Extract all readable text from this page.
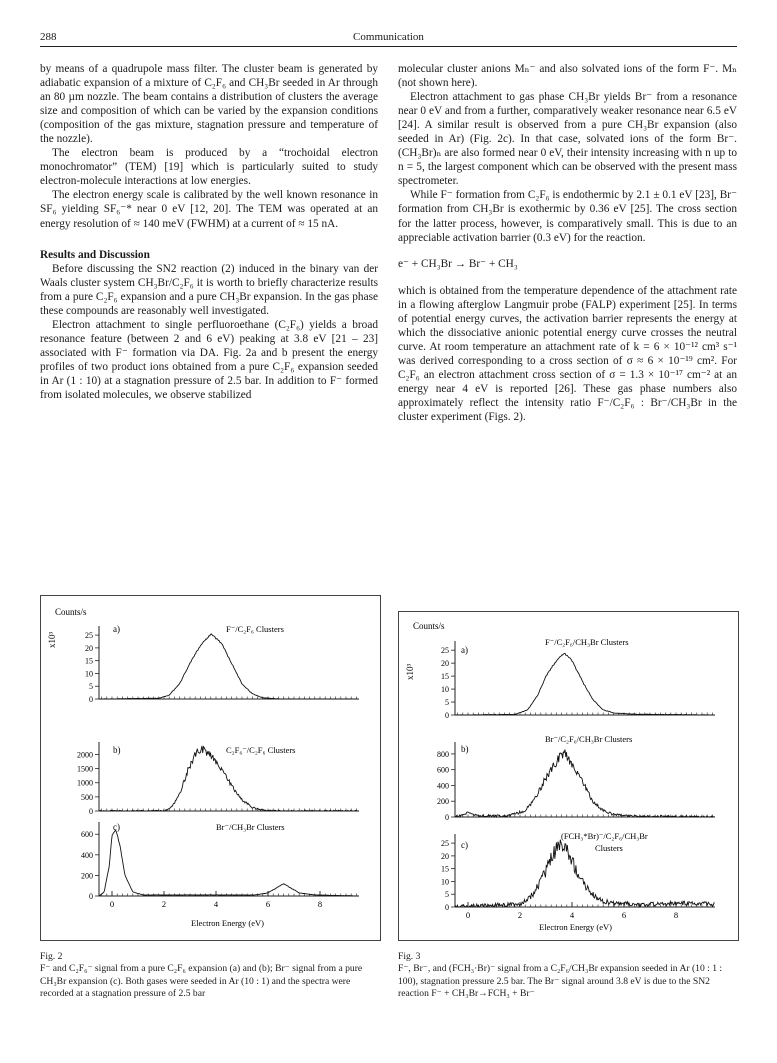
288	Communication

by means of a quadrupole mass filter. The cluster beam is generated by adiabatic expansion of a mixture of C₂F₆ and CH₃Br seeded in Ar through an 80 µm nozzle. The beam contains a distribution of clusters the average size and composition of which can be varied by the expansion conditions (composition of the gas mixture, stagnation pressure and temperature of the nozzle).

The electron beam is produced by a “trochoidal electron monochromator” (TEM) [19] which is particularly suited to study electron-molecule interactions at low energies.

The electron energy scale is calibrated by the well known resonance in SF₆ yielding SF₆⁻* near 0 eV [12, 20]. The TEM was operated at an energy resolution of ≈ 140 meV (FWHM) at a current of ≈ 15 nA.

Results and Discussion

Before discussing the SN2 reaction (2) induced in the binary van der Waals cluster system CH₃Br/C₂F₆ it is worth to briefly characterize results from a pure C₂F₆ expansion and a pure CH₃Br expansion. In the gas phase these compounds are reasonably well investigated.

Electron attachment to single perfluoroethane (C₂F₆) yields a broad resonance feature (between 2 and 6 eV) peaking at 3.8 eV [21 – 23] associated with F⁻ formation via DA. Fig. 2a and b present the energy profiles of two product ions obtained from a pure C₂F₆ expansion seeded in Ar (1 : 10) at a stagnation pressure of 2.5 bar. In addition to F⁻ formed from isolated molecules, we observe stabilized

molecular cluster anions Mₙ⁻ and also solvated ions of the form F⁻. Mₙ (not shown here).

Electron attachment to gas phase CH₃Br yields Br⁻ from a resonance near 0 eV and from a further, comparatively weaker resonance near 6.5 eV [24]. A similar result is observed from a pure CH₃Br expansion (also seeded in Ar) (Fig. 2c). In that case, solvated ions of the form Br⁻. (CH₃Br)ₙ are also formed near 0 eV, their intensity increasing with n up to n = 5, the largest component which can be observed with the present mass spectrometer.

While F⁻ formation from C₂F₆ is endothermic by 2.1 ± 0.1 eV [23], Br⁻ formation from CH₃Br is exothermic by 0.36 eV [25]. The cross section for the latter process, however, is comparatively small. This is due to an appreciable activation barrier (0.3 eV) for the reaction.

e⁻ + CH₃Br → Br⁻ + CH₃

which is obtained from the temperature dependence of the attachment rate in a flowing afterglow Langmuir probe (FALP) experiment [25]. In terms of potential energy curves, the activation barrier represents the energy at which the dissociative anionic potential energy curve crosses the neutral curve. At room temperature an attachment rate of k = 6 × 10⁻¹² cm³ s⁻¹ was derived corresponding to a cross section of σ ≈ 6 × 10⁻¹⁹ cm². For C₂F₆ an electron attachment cross section of σ = 1.3 × 10⁻¹⁷ cm⁻² at an energy near 4 eV is reported [26]. These gas phase numbers also approximately reflect the intensity ratio F⁻/C₂F₆ : Br⁻/CH₃Br in the cluster experiment (Figs. 2).

Counts/s
x10³
a)	F⁻/C₂F₆ Clusters
b)	C₂F₆⁻/C₂F₆ Clusters
c)	Br⁻/CH₃Br Clusters
Electron Energy (eV)
25
20
15
10
5
0
2000
1500
1000
500
0
600
400
200
0
0	2	4	6	8
Counts/s
x10³
a)
F⁻/C₂F₆/CH₃Br Clusters
b)
Br⁻/C₂F₆/CH₃Br Clusters
c)
(FCH₃*Br)⁻/C₂F₆/CH₃Br
Clusters
Electron Energy (eV)
25
20
15
10
5
0
800
600
400
200
0
25
20
15
10
5
0
0	2	4	6	8
Fig. 2
F⁻ and C₂F₆⁻ signal from a pure C₂F₆ expansion (a) and (b); Br⁻ signal from a pure CH₃Br expansion (c). Both gases were seeded in Ar (10 : 1) and the spectra were recorded at a stagnation pressure of 2.5 bar
Fig. 3
F⁻, Br⁻, and (FCH₃·Br)⁻ signal from a C₂F₆/CH₃Br expansion seeded in Ar (10 : 1 : 100), stagnation pressure 2.5 bar. The Br⁻ signal around 3.8 eV is due to the SN2 reaction F⁻ + CH₃Br→FCH₃ + Br⁻
